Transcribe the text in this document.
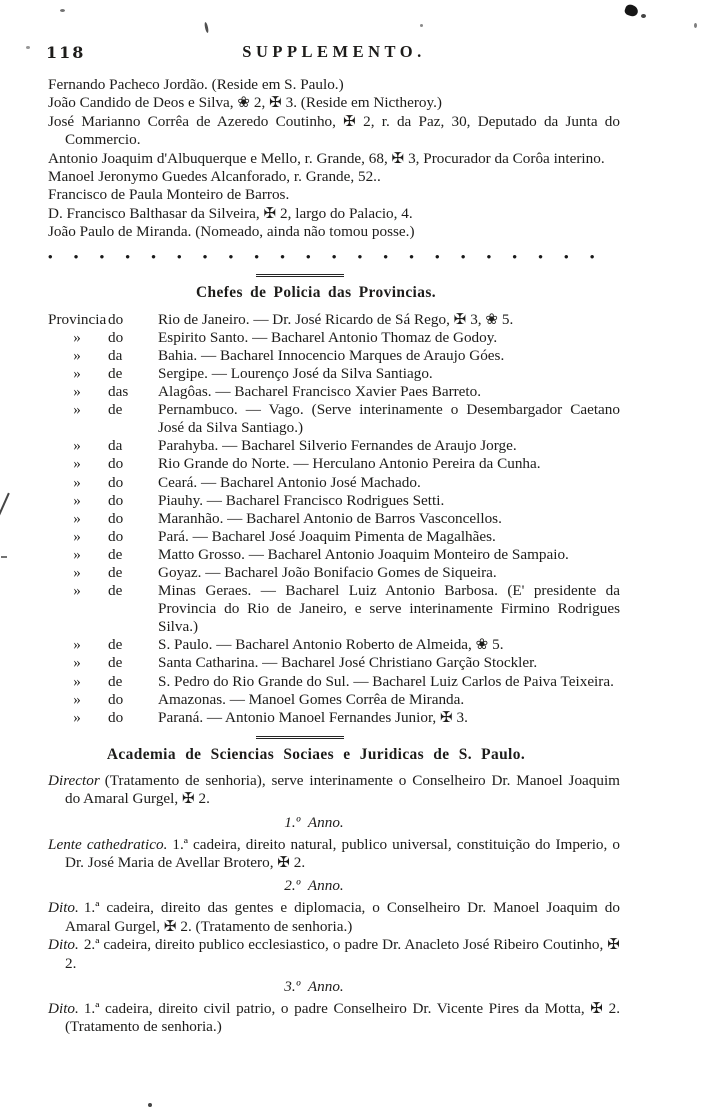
118	SUPPLEMENTO.

Fernando Pacheco Jordão. (Reside em S. Paulo.)

João Candido de Deos e Silva, ❀ 2, ✠ 3. (Reside em Nictheroy.)

José Marianno Corrêa de Azeredo Coutinho, ✠ 2, r. da Paz, 30, Deputado da Junta do Commercio.

Antonio Joaquim d'Albuquerque e Mello, r. Grande, 68, ✠ 3, Procurador da Corôa interino.

Manoel Jeronymo Guedes Alcanforado, r. Grande, 52..

Francisco de Paula Monteiro de Barros.

D. Francisco Balthasar da Silveira, ✠ 2, largo do Palacio, 4.

João Paulo de Miranda. (Nomeado, ainda não tomou posse.)

• • • • • • • • • • • • • • • • • • • • • •
Chefes de Policia das Provincias.
Provincia do	Rio de Janeiro. — Dr. José Ricardo de Sá Rego, ✠ 3, ❀ 5.
»	do	Espirito Santo. — Bacharel Antonio Thomaz de Godoy.
»	da	Bahia. — Bacharel Innocencio Marques de Araujo Góes.
»	de	Sergipe. — Lourenço José da Silva Santiago.
»	das	Alagôas. — Bacharel Francisco Xavier Paes Barreto.
»	de	Pernambuco. — Vago. (Serve interinamente o Desembargador Caetano José da Silva Santiago.)
»	da	Parahyba. — Bacharel Silverio Fernandes de Araujo Jorge.
»	do	Rio Grande do Norte. — Herculano Antonio Pereira da Cunha.
»	do	Ceará. — Bacharel Antonio José Machado.
»	do	Piauhy. — Bacharel Francisco Rodrigues Setti.
»	do	Maranhão. — Bacharel Antonio de Barros Vasconcellos.
»	do	Pará. — Bacharel José Joaquim Pimenta de Magalhães.
»	de	Matto Grosso. — Bacharel Antonio Joaquim Monteiro de Sampaio.
»	de	Goyaz. — Bacharel João Bonifacio Gomes de Siqueira.
»	de	Minas Geraes. — Bacharel Luiz Antonio Barbosa. (E' presidente da Provincia do Rio de Janeiro, e serve interinamente Firmino Rodrigues Silva.)
»	de	S. Paulo. — Bacharel Antonio Roberto de Almeida, ❀ 5.
»	de	Santa Catharina. — Bacharel José Christiano Garção Stockler.
»	de	S. Pedro do Rio Grande do Sul. — Bacharel Luiz Carlos de Paiva Teixeira.
»	do	Amazonas. — Manoel Gomes Corrêa de Miranda.
»	do	Paraná. — Antonio Manoel Fernandes Junior, ✠ 3.
Academia de Sciencias Sociaes e Juridicas de S. Paulo.

Director (Tratamento de senhoria), serve interinamente o Conselheiro Dr. Manoel Joaquim do Amaral Gurgel, ✠ 2.

1.º Anno.

Lente cathedratico. 1.ª cadeira, direito natural, publico universal, constituição do Imperio, o Dr. José Maria de Avellar Brotero, ✠ 2.

2.º Anno.

Dito. 1.ª cadeira, direito das gentes e diplomacia, o Conselheiro Dr. Manoel Joaquim do Amaral Gurgel, ✠ 2. (Tratamento de senhoria.)

Dito. 2.ª cadeira, direito publico ecclesiastico, o padre Dr. Anacleto José Ribeiro Coutinho, ✠ 2.

3.º Anno.

Dito. 1.ª cadeira, direito civil patrio, o padre Conselheiro Dr. Vicente Pires da Motta, ✠ 2. (Tratamento de senhoria.)
